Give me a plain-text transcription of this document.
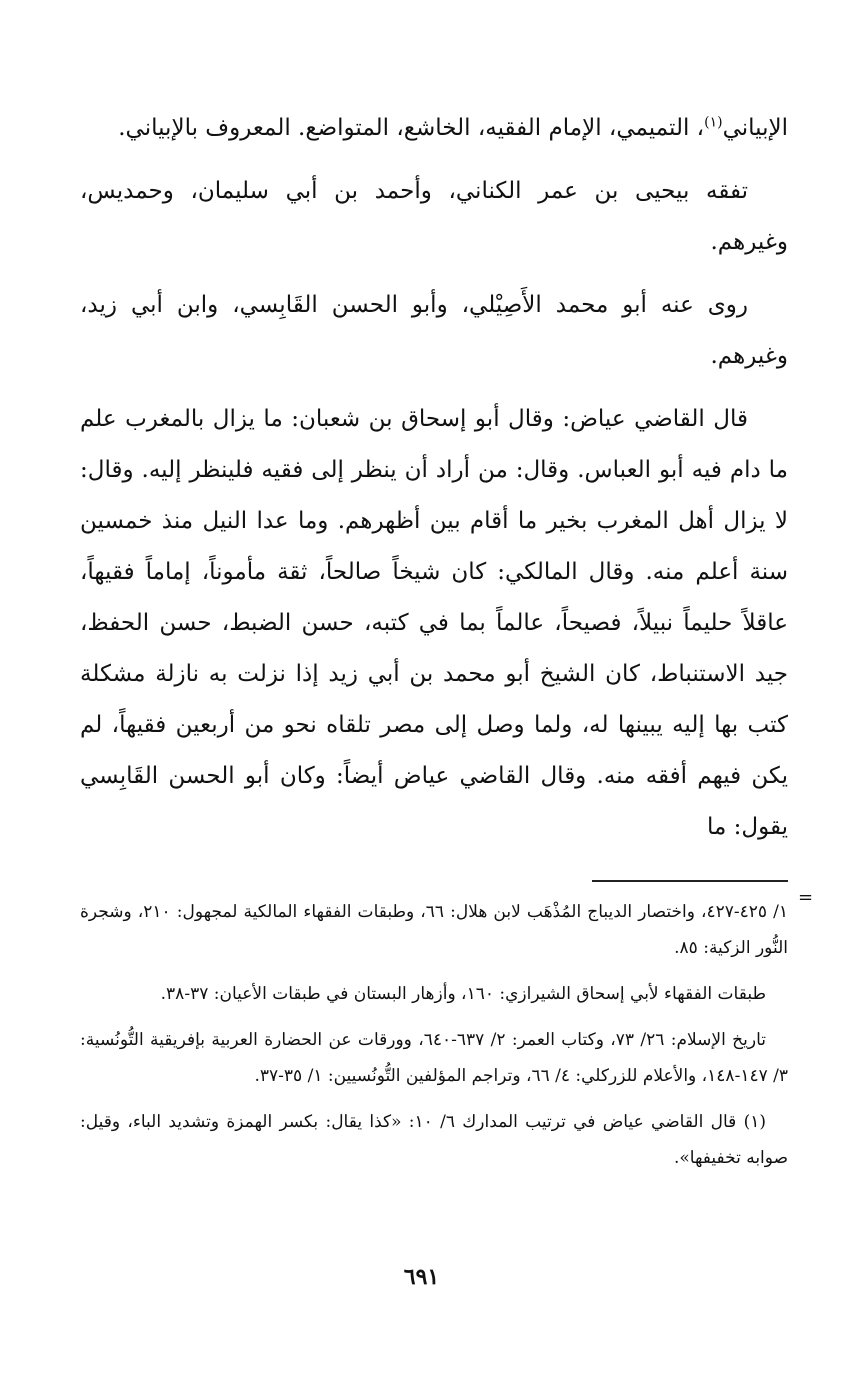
الإبياني$^{(١)}$، التميمي، الإمام الفقيه، الخاشع، المتواضع. المعروف بالإبياني.

تفقه بيحيى بن عمر الكناني، وأحمد بن أبي سليمان، وحمديس، وغيرهم.

روى عنه أبو محمد الأَصِيْلي، وأبو الحسن القَابِسي، وابن أبي زيد، وغيرهم.

قال القاضي عياض: وقال أبو إسحاق بن شعبان: ما يزال بالمغرب علم ما دام فيه أبو العباس. وقال: من أراد أن ينظر إلى فقيه فلينظر إليه. وقال: لا يزال أهل المغرب بخير ما أقام بين أظهرهم. وما عدا النيل منذ خمسين سنة أعلم منه. وقال المالكي: كان شيخاً صالحاً، ثقة مأموناً، إماماً فقيهاً، عاقلاً حليماً نبيلاً، فصيحاً، عالماً بما في كتبه، حسن الضبط، حسن الحفظ، جيد الاستنباط، كان الشيخ أبو محمد بن أبي زيد إذا نزلت به نازلة مشكلة كتب بها إليه يبينها له، ولما وصل إلى مصر تلقاه نحو من أربعين فقيهاً، لم يكن فيهم أفقه منه. وقال القاضي عياض أيضاً: وكان أبو الحسن القَابِسي يقول: ما

=

١/ ٤٢٥-٤٢٧، واختصار الديباج المُذْهَب لابن هلال: ٦٦، وطبقات الفقهاء المالكية لمجهول: ٢١٠، وشجرة النُّور الزكية: ٨٥.

طبقات الفقهاء لأبي إسحاق الشيرازي: ١٦٠، وأزهار البستان في طبقات الأعيان: ٣٧-٣٨.

تاريخ الإسلام: ٢٦/ ٧٣، وكتاب العمر: ٢/ ٦٣٧-٦٤٠، وورقات عن الحضارة العربية بإفريقية التُّونُسية: ٣/ ١٤٧-١٤٨، والأعلام للزركلي: ٤/ ٦٦، وتراجم المؤلفين التُّونُسيين: ١/ ٣٥-٣٧.

(١) قال القاضي عياض في ترتيب المدارك ٦/ ١٠: «كذا يقال: بكسر الهمزة وتشديد الباء، وقيل: صوابه تخفيفها».

٦٩١
